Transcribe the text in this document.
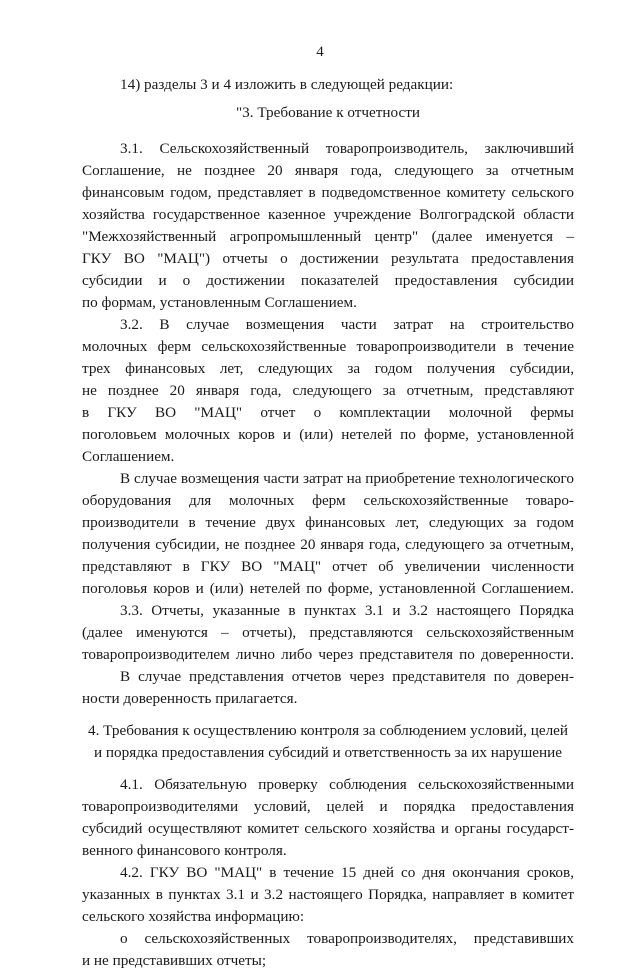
4
14) разделы 3 и 4 изложить в следующей редакции:
"3. Требование к отчетности
3.1. Сельскохозяйственный товаропроизводитель, заключивший
Соглашение, не позднее 20 января года, следующего за отчетным
финансовым годом, представляет в подведомственное комитету сельского
хозяйства государственное казенное учреждение Волгоградской области
"Межхозяйственный агропромышленный центр" (далее именуется –
ГКУ ВО "МАЦ") отчеты о достижении результата предоставления
субсидии и о достижении показателей предоставления субсидии
по формам, установленным Соглашением.
3.2. В случае возмещения части затрат на строительство
молочных ферм сельскохозяйственные товаропроизводители в течение
трех финансовых лет, следующих за годом получения субсидии,
не позднее 20 января года, следующего за отчетным, представляют
в ГКУ ВО "МАЦ" отчет о комплектации молочной фермы
поголовьем молочных коров и (или) нетелей по форме, установленной
Соглашением.
В случае возмещения части затрат на приобретение технологического
оборудования для молочных ферм сельскохозяйственные товаро-
производители в течение двух финансовых лет, следующих за годом
получения субсидии, не позднее 20 января года, следующего за отчетным,
представляют в ГКУ ВО "МАЦ" отчет об увеличении численности
поголовья коров и (или) нетелей по форме, установленной Соглашением.
3.3. Отчеты, указанные в пунктах 3.1 и 3.2 настоящего Порядка
(далее именуются – отчеты), представляются сельскохозяйственным
товаропроизводителем лично либо через представителя по доверенности.
В случае представления отчетов через представителя по доверен-
ности доверенность прилагается.
4. Требования к осуществлению контроля за соблюдением условий, целей
и порядка предоставления субсидий и ответственность за их нарушение
4.1. Обязательную проверку соблюдения сельскохозяйственными
товаропроизводителями условий, целей и порядка предоставления
субсидий осуществляют комитет сельского хозяйства и органы государст-
венного финансового контроля.
4.2. ГКУ ВО "МАЦ" в течение 15 дней со дня окончания сроков,
указанных в пунктах 3.1 и 3.2 настоящего Порядка, направляет в комитет
сельского хозяйства информацию:
о сельскохозяйственных товаропроизводителях, представивших
и не представивших отчеты;
